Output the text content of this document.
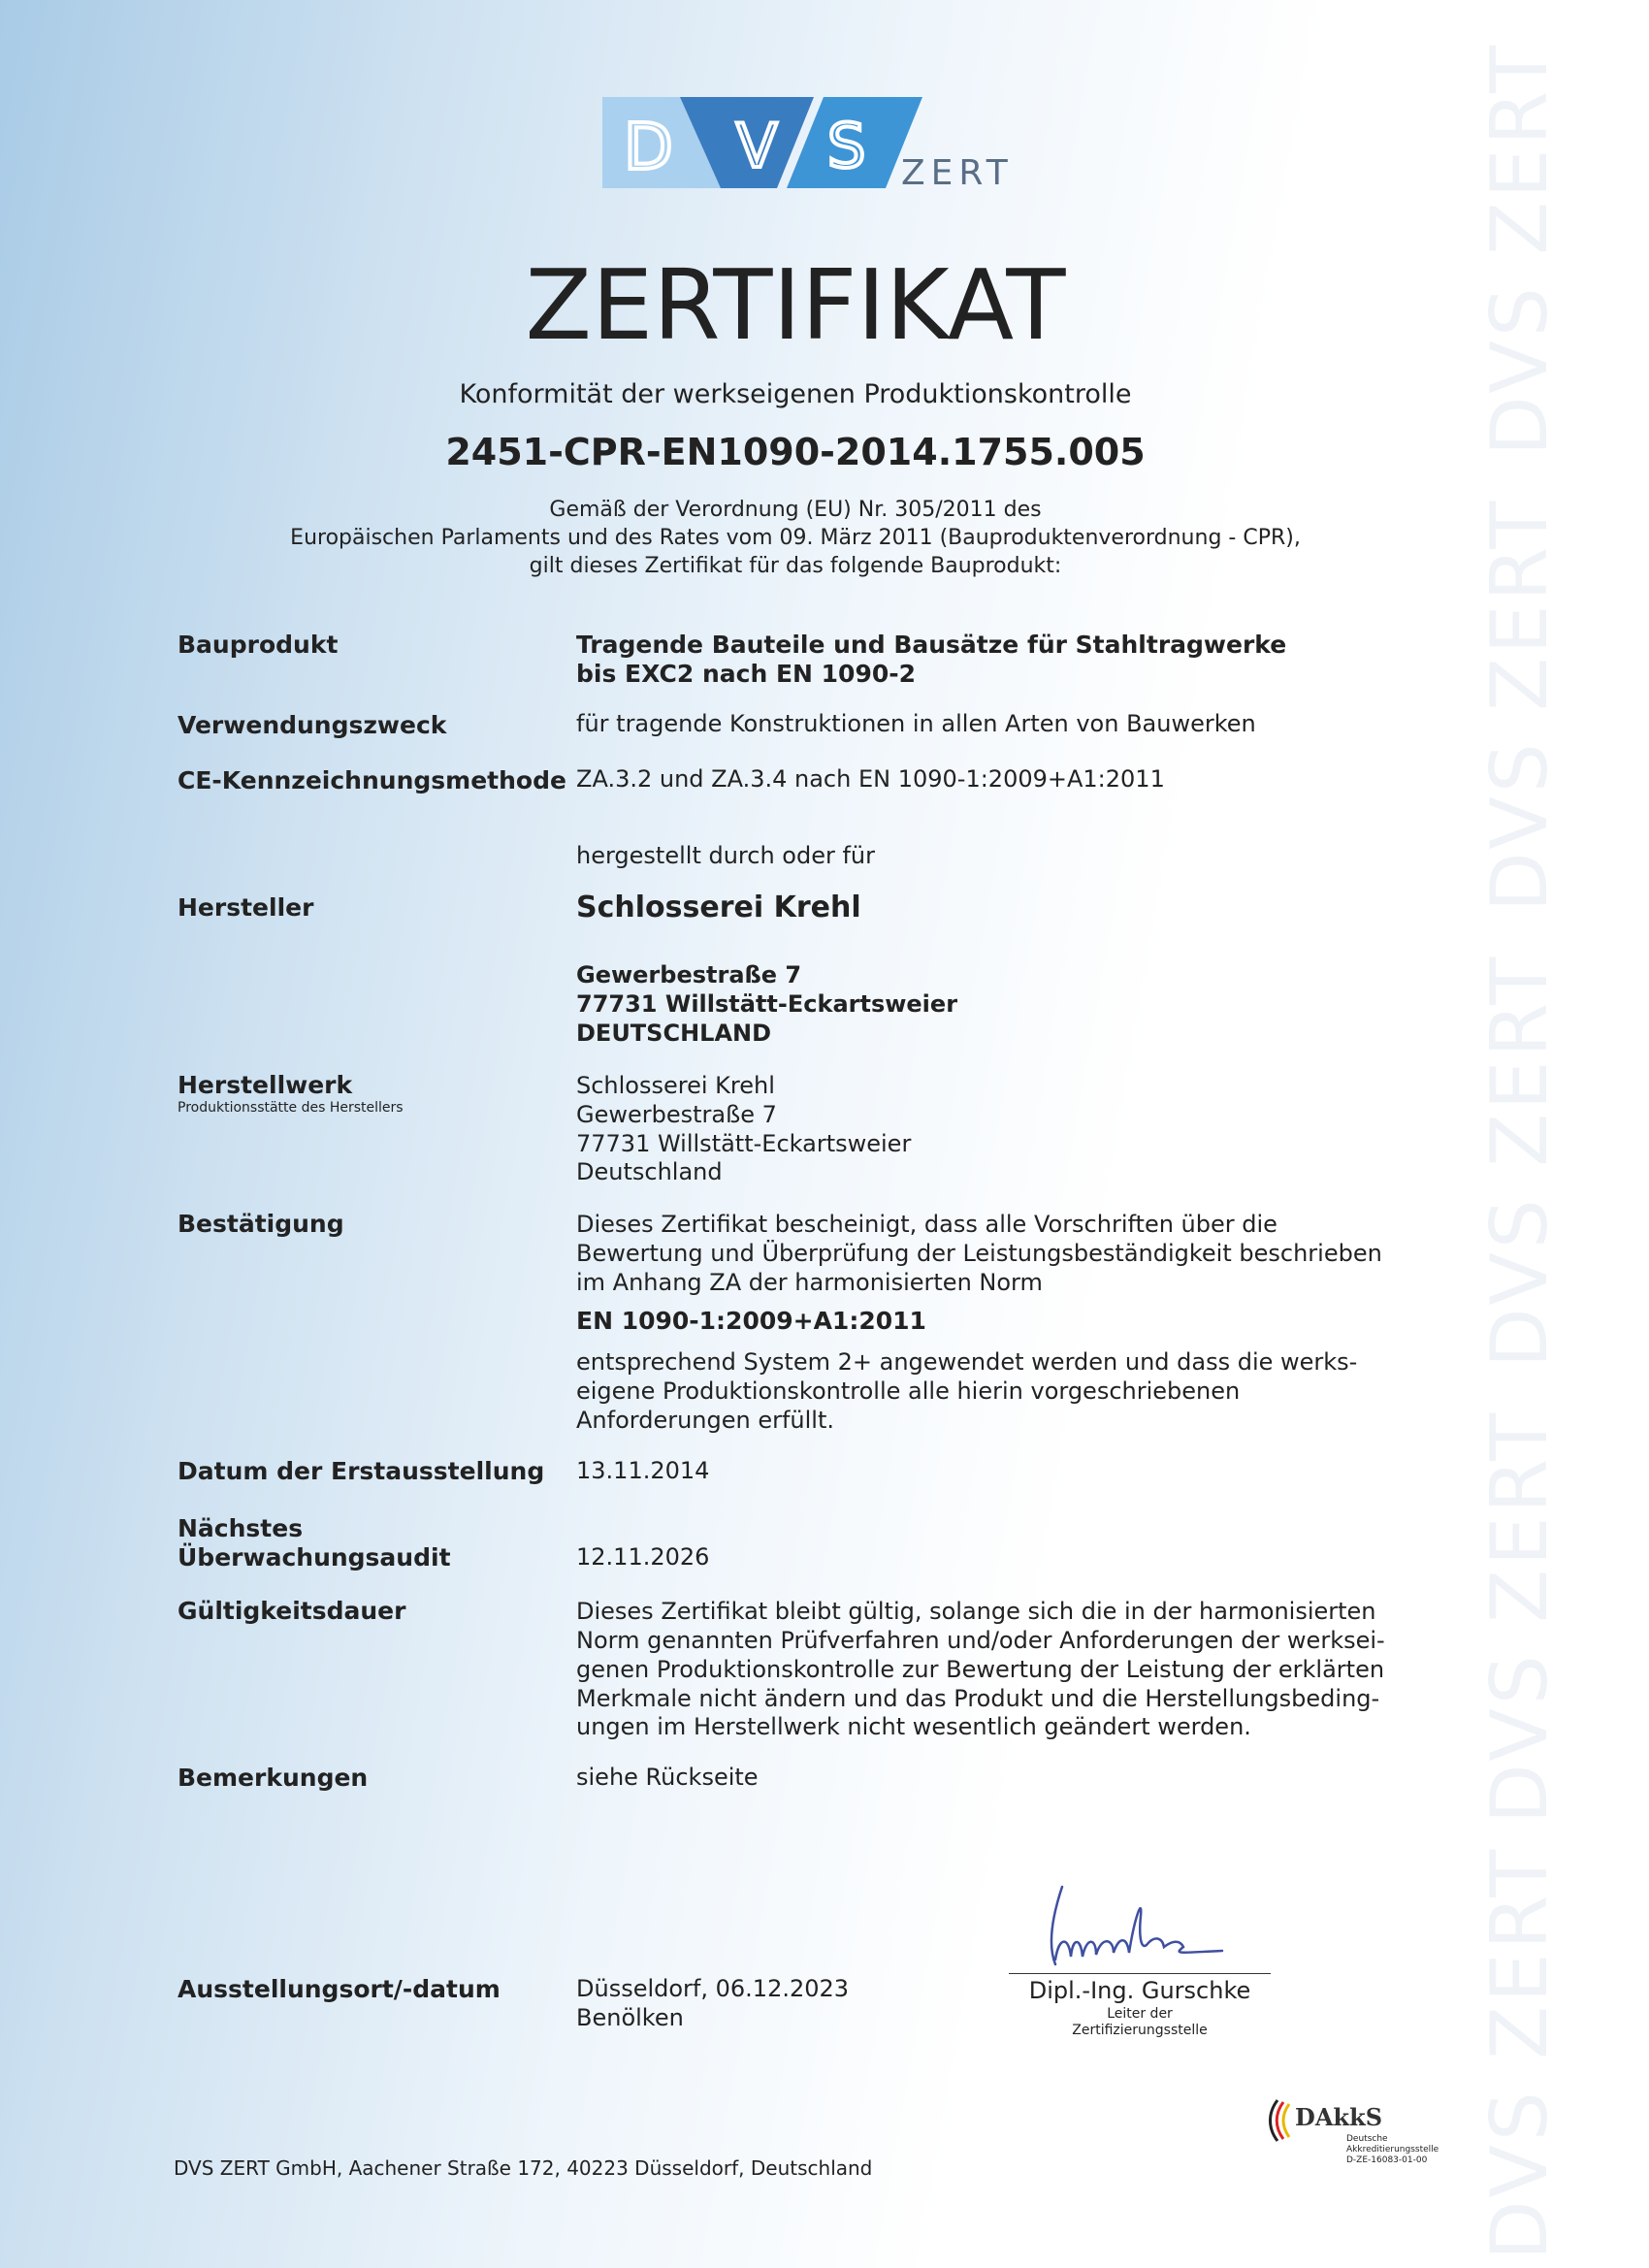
DVS ZERT
DVS ZERT
DVS ZERT
DVS ZERT
DVS ZERT
D V S ZERT
ZERTIFIKAT
Konformität der werkseigenen Produktionskontrolle
2451-CPR-EN1090-2014.1755.005
Gemäß der Verordnung (EU) Nr. 305/2011 des
Europäischen Parlaments und des Rates vom 09. März 2011 (Bauproduktenverordnung - CPR),
gilt dieses Zertifikat für das folgende Bauprodukt:
Bauprodukt	Tragende Bauteile und Bausätze für Stahltragwerke
bis EXC2 nach EN 1090-2
Verwendungszweck	für tragende Konstruktionen in allen Arten von Bauwerken
CE-Kennzeichnungsmethode ZA.3.2 und ZA.3.4 nach EN 1090-1:2009+A1:2011
hergestellt durch oder für
Hersteller	Schlosserei Krehl
Gewerbestraße 7
77731 Willstätt-Eckartsweier
DEUTSCHLAND
Herstellwerk
Produktionsstätte des Herstellers
Schlosserei Krehl
Gewerbestraße 7
77731 Willstätt-Eckartsweier
Deutschland
Bestätigung	Dieses Zertifikat bescheinigt, dass alle Vorschriften über die
Bewertung und Überprüfung der Leistungsbeständigkeit beschrieben
im Anhang ZA der harmonisierten Norm
EN 1090-1:2009+A1:2011
entsprechend System 2+ angewendet werden und dass die werks-
eigene Produktionskontrolle alle hierin vorgeschriebenen
Anforderungen erfüllt.
Datum der Erstausstellung 13.11.2014
Nächstes
Überwachungsaudit	12.11.2026
Gültigkeitsdauer	Dieses Zertifikat bleibt gültig, solange sich die in der harmonisierten
Norm genannten Prüfverfahren und/oder Anforderungen der werksei-
genen Produktionskontrolle zur Bewertung der Leistung der erklärten
Merkmale nicht ändern und das Produkt und die Herstellungsbeding-
ungen im Herstellwerk nicht wesentlich geändert werden.
Bemerkungen	siehe Rückseite
Ausstellungsort/-datum	Düsseldorf, 06.12.2023
Benölken
Dipl.-Ing. Gurschke
Leiter der
Zertifizierungsstelle
DVS ZERT GmbH, Aachener Straße 172, 40223 Düsseldorf, Deutschland
DAkkS
Deutsche
Akkreditierungsstelle
D-ZE-16083-01-00
